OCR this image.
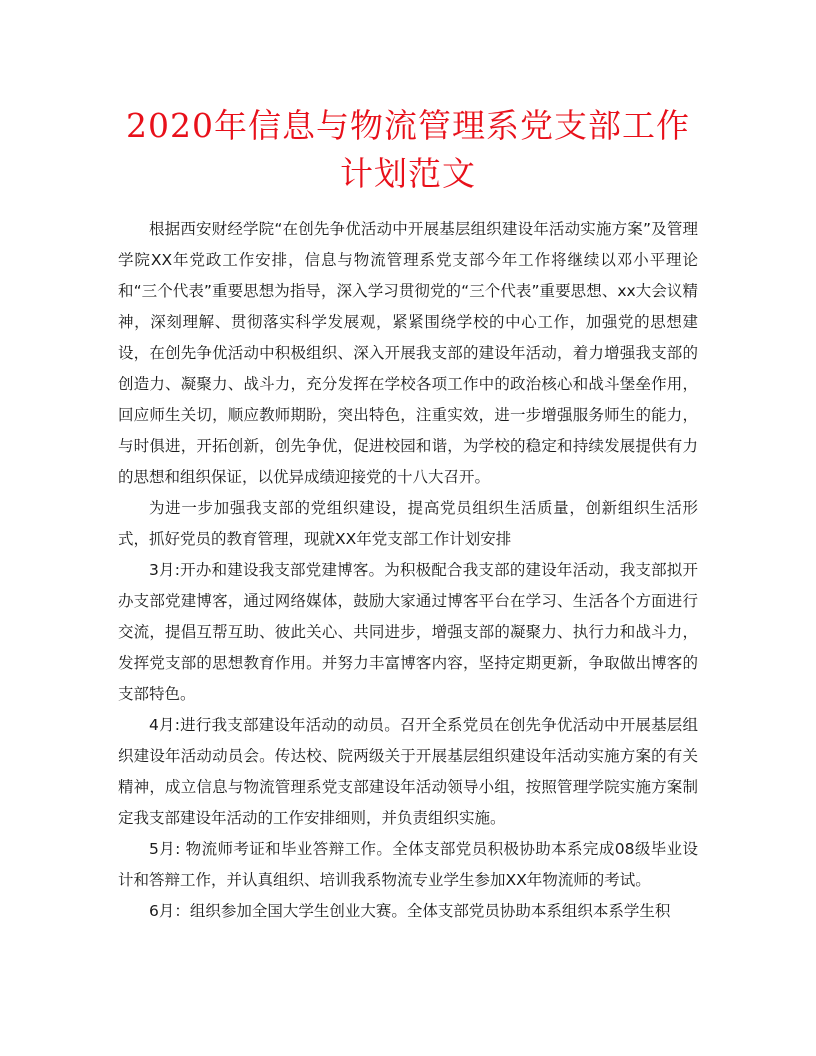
2020年信息与物流管理系党支部工作计划范文

根据西安财经学院“在创先争优活动中开展基层组织建设年活动实施方案”及管理学院XX年党政工作安排，信息与物流管理系党支部今年工作将继续以邓小平理论和“三个代表”重要思想为指导，深入学习贯彻党的“三个代表”重要思想、xx大会议精神，深刻理解、贯彻落实科学发展观，紧紧围绕学校的中心工作，加强党的思想建设，在创先争优活动中积极组织、深入开展我支部的建设年活动，着力增强我支部的创造力、凝聚力、战斗力，充分发挥在学校各项工作中的政治核心和战斗堡垒作用，回应师生关切，顺应教师期盼，突出特色，注重实效，进一步增强服务师生的能力，与时俱进，开拓创新，创先争优，促进校园和谐，为学校的稳定和持续发展提供有力的思想和组织保证，以优异成绩迎接党的十八大召开。

为进一步加强我支部的党组织建设，提高党员组织生活质量，创新组织生活形式，抓好党员的教育管理，现就XX年党支部工作计划安排

3月:开办和建设我支部党建博客。为积极配合我支部的建设年活动，我支部拟开办支部党建博客，通过网络媒体，鼓励大家通过博客平台在学习、生活各个方面进行交流，提倡互帮互助、彼此关心、共同进步，增强支部的凝聚力、执行力和战斗力，发挥党支部的思想教育作用。并努力丰富博客内容，坚持定期更新，争取做出博客的支部特色。

4月:进行我支部建设年活动的动员。召开全系党员在创先争优活动中开展基层组织建设年活动动员会。传达校、院两级关于开展基层组织建设年活动实施方案的有关精神，成立信息与物流管理系党支部建设年活动领导小组，按照管理学院实施方案制定我支部建设年活动的工作安排细则，并负责组织实施。

5月: 物流师考证和毕业答辩工作。全体支部党员积极协助本系完成08级毕业设计和答辩工作，并认真组织、培训我系物流专业学生参加XX年物流师的考试。

6月：组织参加全国大学生创业大赛。全体支部党员协助本系组织本系学生积
